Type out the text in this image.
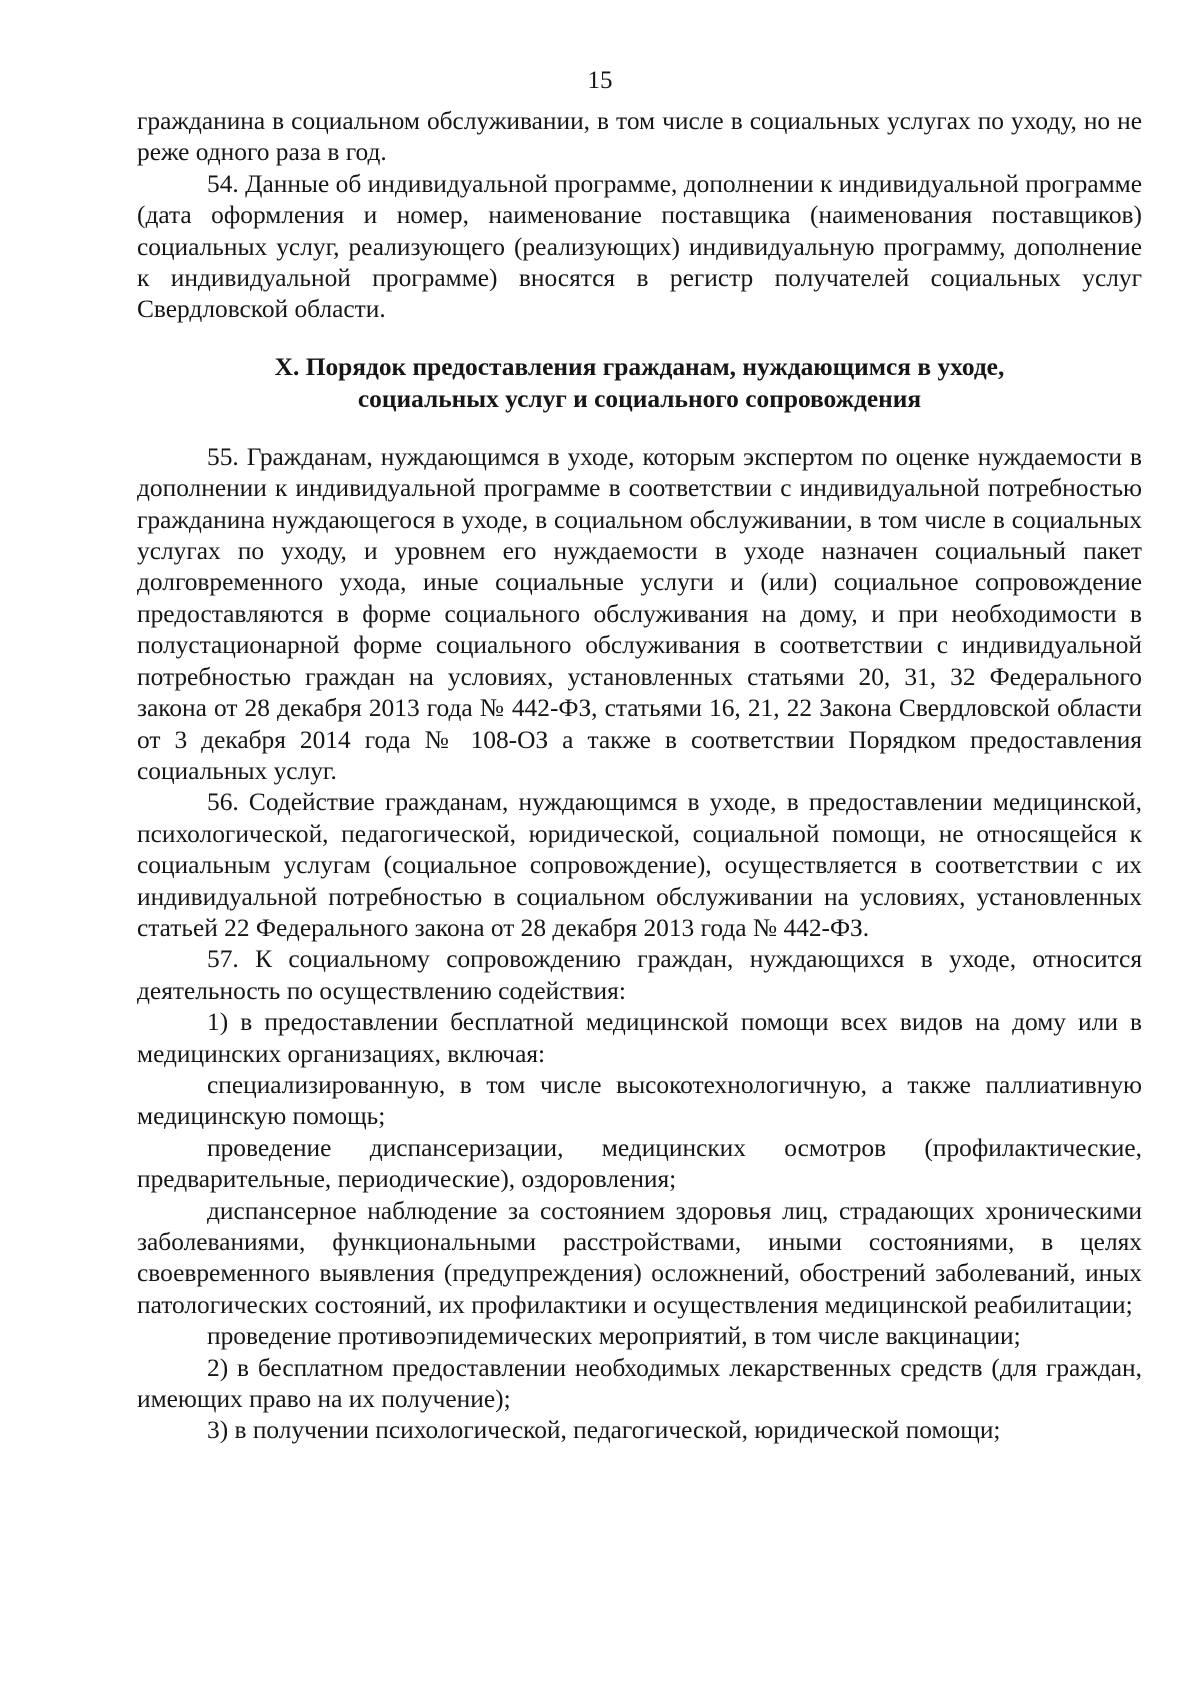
15

гражданина в социальном обслуживании, в том числе в социальных услугах по уходу, но не реже одного раза в год.

54. Данные об индивидуальной программе, дополнении к индивидуальной программе (дата оформления и номер, наименование поставщика (наименования поставщиков) социальных услуг, реализующего (реализующих) индивидуальную программу, дополнение к индивидуальной программе) вносятся в регистр получателей социальных услуг Свердловской области.

X. Порядок предоставления гражданам, нуждающимся в уходе,
социальных услуг и социального сопровождения

55. Гражданам, нуждающимся в уходе, которым экспертом по оценке нуждаемости в дополнении к индивидуальной программе в соответствии с индивидуальной потребностью гражданина нуждающегося в уходе, в социальном обслуживании, в том числе в социальных услугах по уходу, и уровнем его нуждаемости в уходе назначен социальный пакет долговременного ухода, иные социальные услуги и (или) социальное сопровождение предоставляются в форме социального обслуживания на дому, и при необходимости в полустационарной форме социального обслуживания в соответствии с индивидуальной потребностью граждан на условиях, установленных статьями 20, 31, 32 Федерального закона от 28 декабря 2013 года № 442-ФЗ, статьями 16, 21, 22 Закона Свердловской области от 3 декабря 2014 года № 108-ОЗ а также в соответствии Порядком предоставления социальных услуг.

56. Содействие гражданам, нуждающимся в уходе, в предоставлении медицинской, психологической, педагогической, юридической, социальной помощи, не относящейся к социальным услугам (социальное сопровождение), осуществляется в соответствии с их индивидуальной потребностью в социальном обслуживании на условиях, установленных статьей 22 Федерального закона от 28 декабря 2013 года № 442-ФЗ.

57. К социальному сопровождению граждан, нуждающихся в уходе, относится деятельность по осуществлению содействия:

1) в предоставлении бесплатной медицинской помощи всех видов на дому или в медицинских организациях, включая:

специализированную, в том числе высокотехнологичную, а также паллиативную медицинскую помощь;

проведение диспансеризации, медицинских осмотров (профилактические, предварительные, периодические), оздоровления;

диспансерное наблюдение за состоянием здоровья лиц, страдающих хроническими заболеваниями, функциональными расстройствами, иными состояниями, в целях своевременного выявления (предупреждения) осложнений, обострений заболеваний, иных патологических состояний, их профилактики и осуществления медицинской реабилитации;

проведение противоэпидемических мероприятий, в том числе вакцинации;

2) в бесплатном предоставлении необходимых лекарственных средств (для граждан, имеющих право на их получение);

3) в получении психологической, педагогической, юридической помощи;
